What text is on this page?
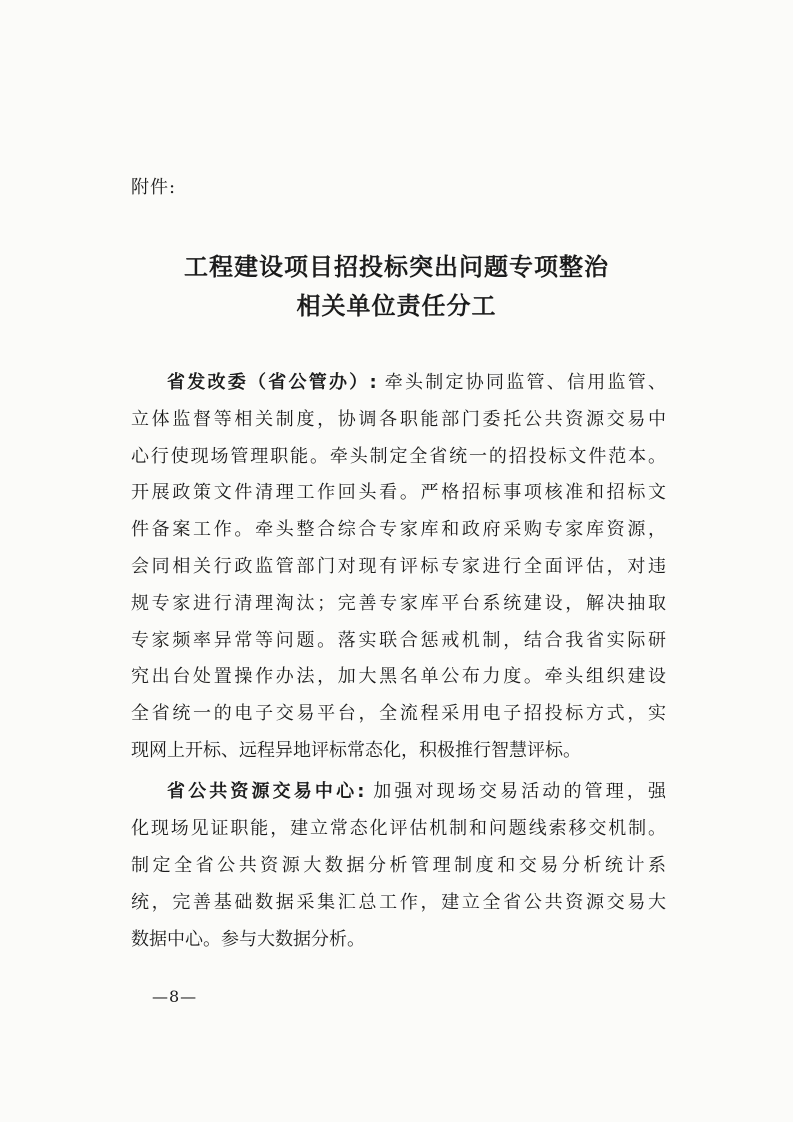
附件:
工程建设项目招投标突出问题专项整治
相关单位责任分工
省发改委（省公管办）: 牵头制定协同监管、信用监管、
立体监督等相关制度，协调各职能部门委托公共资源交易中
心行使现场管理职能。牵头制定全省统一的招投标文件范本。
开展政策文件清理工作回头看。严格招标事项核准和招标文
件备案工作。牵头整合综合专家库和政府采购专家库资源，
会同相关行政监管部门对现有评标专家进行全面评估，对违
规专家进行清理淘汰；完善专家库平台系统建设，解决抽取
专家频率异常等问题。落实联合惩戒机制，结合我省实际研
究出台处置操作办法，加大黑名单公布力度。牵头组织建设
全省统一的电子交易平台，全流程采用电子招投标方式，实
现网上开标、远程异地评标常态化，积极推行智慧评标。
省公共资源交易中心: 加强对现场交易活动的管理，强
化现场见证职能，建立常态化评估机制和问题线索移交机制。
制定全省公共资源大数据分析管理制度和交易分析统计系
统，完善基础数据采集汇总工作，建立全省公共资源交易大
数据中心。参与大数据分析。
—8—
